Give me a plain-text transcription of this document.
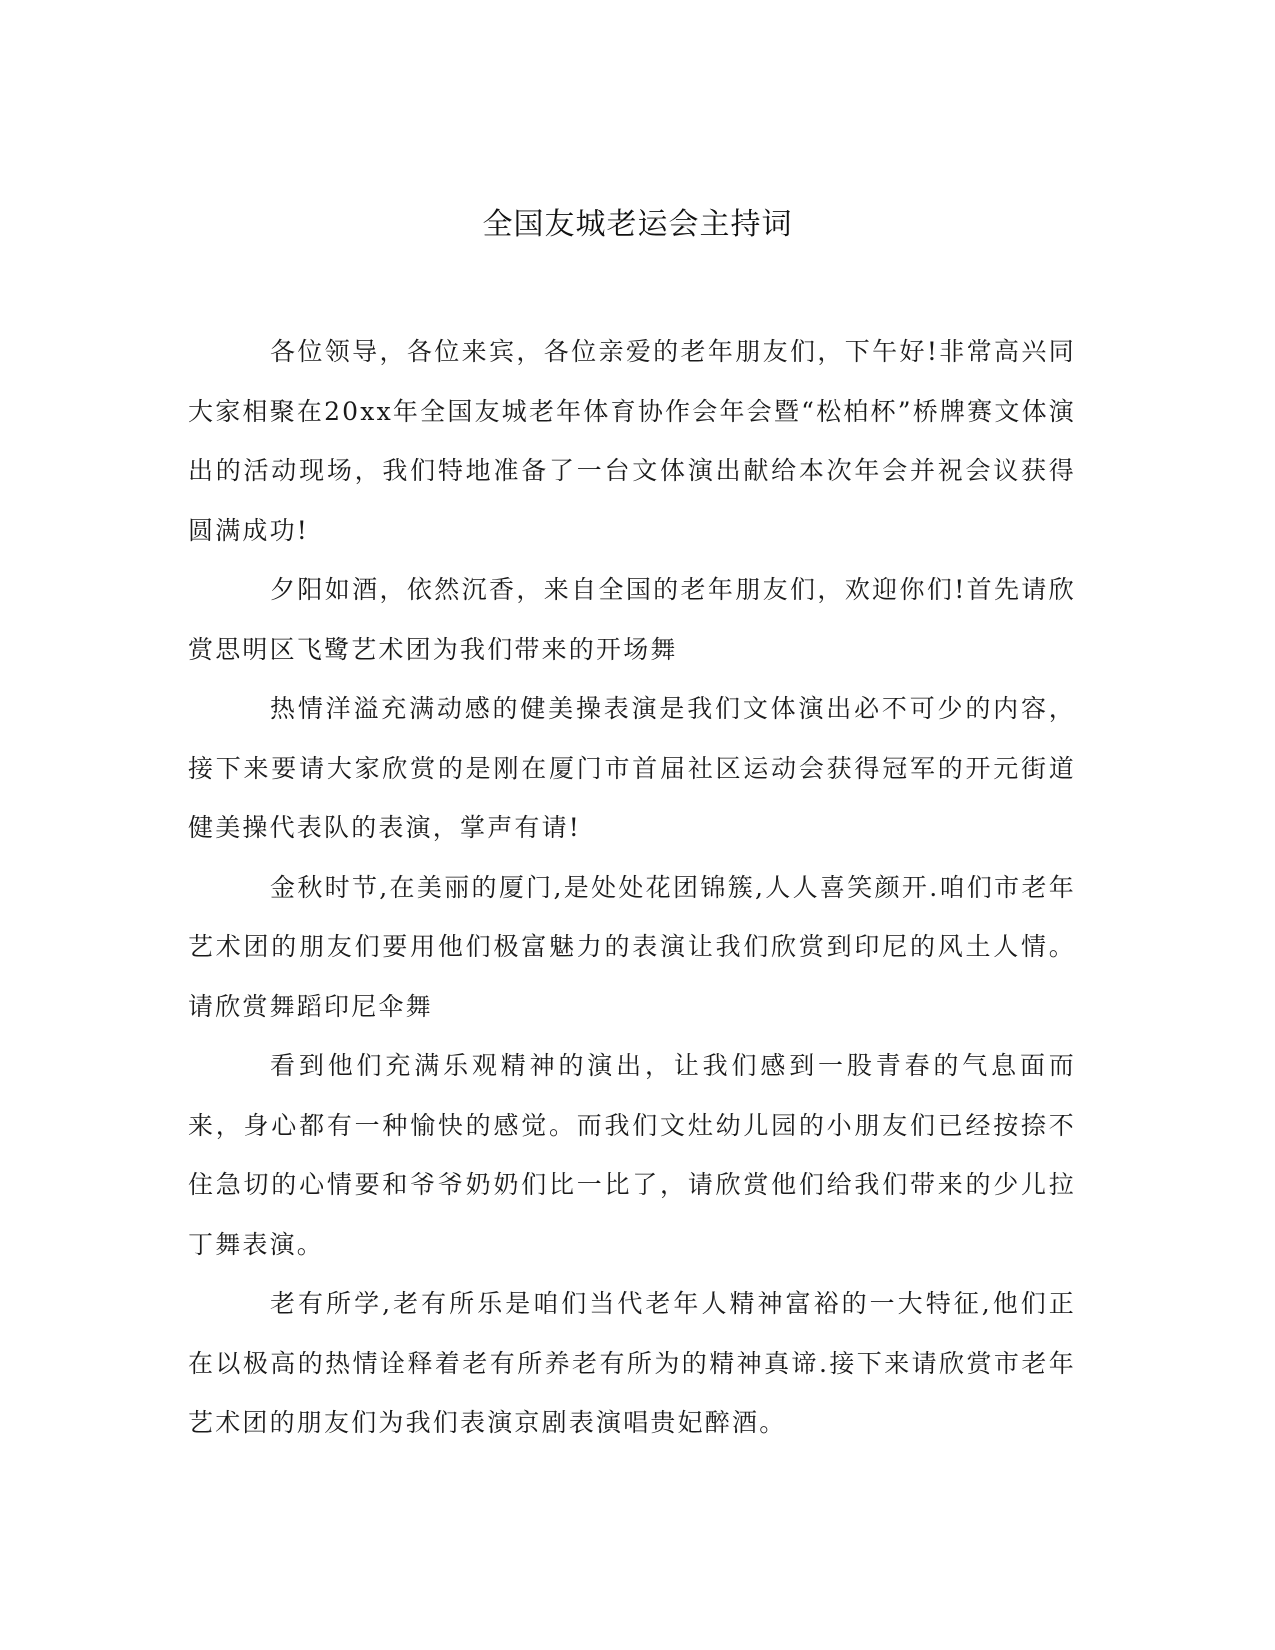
全国友城老运会主持词

各位领导，各位来宾，各位亲爱的老年朋友们，下午好!非常高兴同大家相聚在20xx年全国友城老年体育协作会年会暨“松柏杯”桥牌赛文体演出的活动现场，我们特地准备了一台文体演出献给本次年会并祝会议获得圆满成功!

夕阳如酒，依然沉香，来自全国的老年朋友们，欢迎你们!首先请欣赏思明区飞鹭艺术团为我们带来的开场舞

热情洋溢充满动感的健美操表演是我们文体演出必不可少的内容，接下来要请大家欣赏的是刚在厦门市首届社区运动会获得冠军的开元街道健美操代表队的表演，掌声有请!

金秋时节,在美丽的厦门,是处处花团锦簇,人人喜笑颜开.咱们市老年艺术团的朋友们要用他们极富魅力的表演让我们欣赏到印尼的风土人情。请欣赏舞蹈印尼伞舞

看到他们充满乐观精神的演出，让我们感到一股青春的气息面而来，身心都有一种愉快的感觉。而我们文灶幼儿园的小朋友们已经按捺不住急切的心情要和爷爷奶奶们比一比了，请欣赏他们给我们带来的少儿拉丁舞表演。

老有所学,老有所乐是咱们当代老年人精神富裕的一大特征,他们正在以极高的热情诠释着老有所养老有所为的精神真谛.接下来请欣赏市老年艺术团的朋友们为我们表演京剧表演唱贵妃醉酒。
